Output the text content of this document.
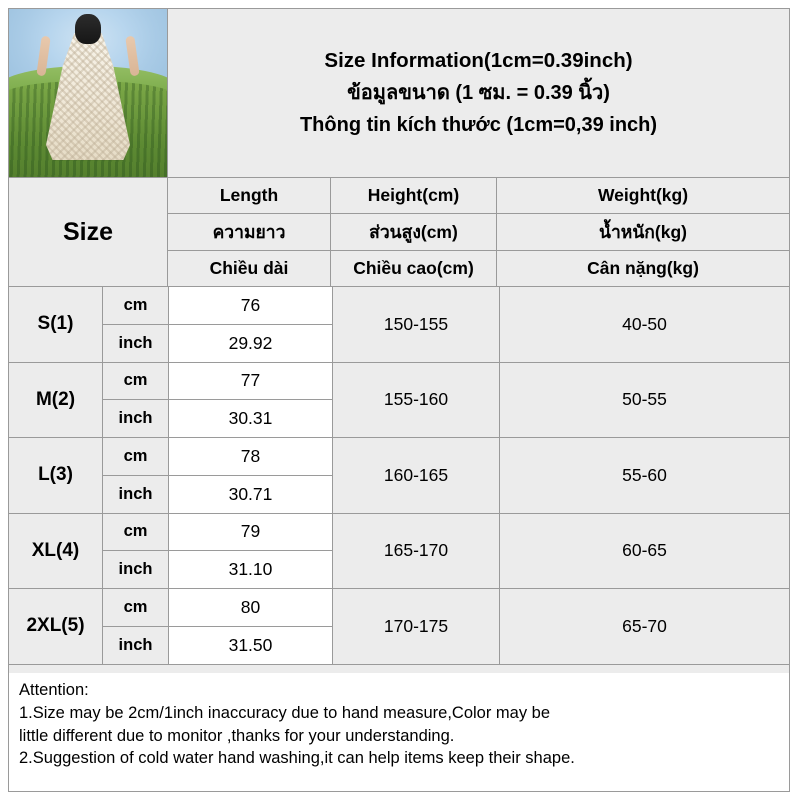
Size Information(1cm=0.39inch)
ข้อมูลขนาด (1 ซม. = 0.39 นิ้ว)
Thông tin kích thước (1cm=0,39 inch)
Size
Length	Height(cm)	Weight(kg)
ความยาว	ส่วนสูง(cm)	น้ำหนัก(kg)
Chiều dài	Chiều cao(cm)	Cân nặng(kg)
S(1)
cm	76
inch	29.92
150-155	40-50
M(2)
cm	77
inch	30.31
155-160	50-55
L(3)
cm	78
inch	30.71
160-165	55-60
XL(4)
cm	79
inch	31.10
165-170	60-65
2XL(5)
cm	80
inch	31.50
170-175	65-70

Attention:

1.Size may be 2cm/1inch inaccuracy due to hand measure,Color may be

little different due to monitor ,thanks for your understanding.

2.Suggestion of cold water hand washing,it can help items keep their shape.
